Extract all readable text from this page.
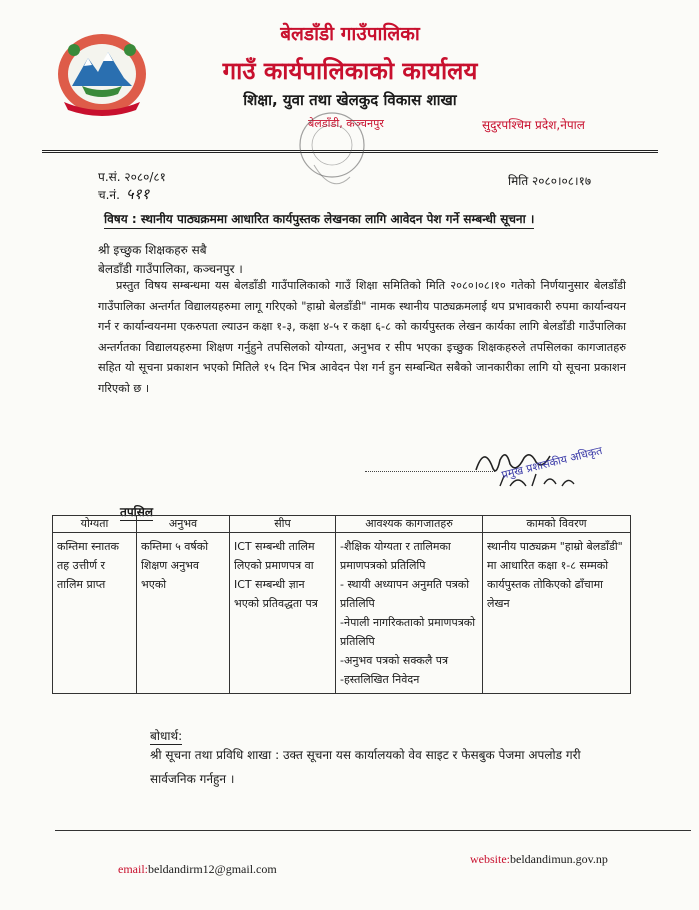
बेलडाँडी गाउँपालिका
गाउँ कार्यपालिकाको कार्यालय
शिक्षा, युवा तथा खेलकुद विकास शाखा
बेलडाँडी, कञ्चनपुर	सुदुरपश्चिम प्रदेश,नेपाल
प.सं. २०८०/८१
च.नं. ५११
मिति २०८०।०८।१७
विषय : स्थानीय पाठ्यक्रममा आधारित कार्यपुस्तक लेखनका लागि आवेदन पेश गर्ने सम्बन्धी सूचना ।
श्री इच्छुक शिक्षकहरु सबै
बेलडाँडी गाउँपालिका, कञ्चनपुर ।
प्रस्तुत विषय सम्बन्धमा यस बेलडाँडी गाउँपालिकाको गाउँ शिक्षा समितिको मिति २०८०।०८।१० गतेको निर्णयानुसार बेलडाँडी गाउँपालिका अन्तर्गत विद्यालयहरुमा लागू गरिएको "हाम्रो बेलडाँडी" नामक स्थानीय पाठ्यक्रमलाई थप प्रभावकारी रुपमा कार्यान्वयन गर्न र कार्यान्वयनमा एकरुपता ल्याउन कक्षा १-३, कक्षा ४-५ र कक्षा ६-८ को कार्यपुस्तक लेखन कार्यका लागि बेलडाँडी गाउँपालिका अन्तर्गतका विद्यालयहरुमा शिक्षण गर्नुहुने तपसिलको योग्यता, अनुभव र सीप भएका इच्छुक शिक्षकहरुले तपसिलका कागजातहरु सहित यो सूचना प्रकाशन भएको मितिले १५ दिन भित्र आवेदन पेश गर्न हुन सम्बन्धित सबैको जानकारीका लागि यो सूचना प्रकाशन गरिएको छ ।
प्रमुख प्रशासकीय अधिकृत
तपसिल
योग्यता	अनुभव	सीप	आवश्यक कागजातहरु	कामको विवरण
कम्तिमा स्नातक तह उत्तीर्ण र तालिम प्राप्त	कम्तिमा ५ वर्षको शिक्षण अनुभव भएको	ICT सम्बन्धी तालिम लिएको प्रमाणपत्र वा ICT सम्बन्धी ज्ञान भएको प्रतिवद्धता पत्र	-शैक्षिक योग्यता र तालिमका प्रमाणपत्रको प्रतिलिपि
- स्थायी अध्यापन अनुमति पत्रको प्रतिलिपि
-नेपाली नागरिकताको प्रमाणपत्रको प्रतिलिपि
-अनुभव पत्रको सक्कलै पत्र
-हस्तलिखित निवेदन	स्थानीय पाठ्यक्रम "हाम्रो बेलडाँडी" मा आधारित कक्षा १-८ सम्मको कार्यपुस्तक तोकिएको ढाँचामा लेखन
बोधार्थ:
श्री सूचना तथा प्रविधि शाखा : उक्त सूचना यस कार्यालयको वेव साइट र फेसबुक पेजमा अपलोड गरी सार्वजनिक गर्नहुन ।
email:beldandirm12@gmail.com
website:beldandimun.gov.np
